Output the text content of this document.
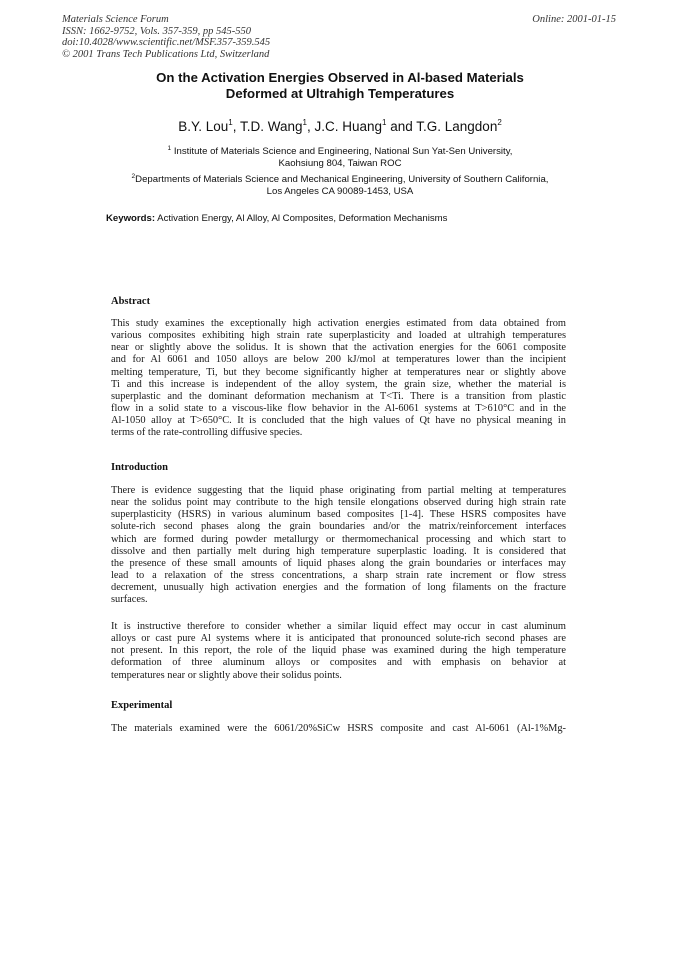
Materials Science Forum
ISSN: 1662-9752, Vols. 357-359, pp 545-550
doi:10.4028/www.scientific.net/MSF.357-359.545
© 2001 Trans Tech Publications Ltd, Switzerland
Online: 2001-01-15
On the Activation Energies Observed in Al-based Materials
Deformed at Ultrahigh Temperatures
B.Y. Lou$^1$, T.D. Wang$^1$, J.C. Huang$^1$ and T.G. Langdon$^2$
$^1$ Institute of Materials Science and Engineering, National Sun Yat-Sen University,
Kaohsiung 804, Taiwan ROC
$^2$Departments of Materials Science and Mechanical Engineering, University of Southern California,
Los Angeles CA 90089-1453, USA
Keywords: Activation Energy, Al Alloy, Al Composites, Deformation Mechanisms
Abstract
This study examines the exceptionally high activation energies estimated from data obtained from
various composites exhibiting high strain rate superplasticity and loaded at ultrahigh temperatures
near or slightly above the solidus. It is shown that the activation energies for the 6061 composite
and for Al 6061 and 1050 alloys are below 200 kJ/mol at temperatures lower than the incipient
melting temperature, Ti, but they become significantly higher at temperatures near or slightly above
Ti and this increase is independent of the alloy system, the grain size, whether the material is
superplastic and the dominant deformation mechanism at T<Ti. There is a transition from plastic
flow in a solid state to a viscous-like flow behavior in the Al-6061 systems at T>610°C and in the
Al-1050 alloy at T>650°C. It is concluded that the high values of Qt have no physical meaning in
terms of the rate-controlling diffusive species.
Introduction
There is evidence suggesting that the liquid phase originating from partial melting at temperatures
near the solidus point may contribute to the high tensile elongations observed during high strain rate
superplasticity (HSRS) in various aluminum based composites [1-4]. These HSRS composites have
solute-rich second phases along the grain boundaries and/or the matrix/reinforcement interfaces
which are formed during powder metallurgy or thermomechanical processing and which start to
dissolve and then partially melt during high temperature superplastic loading. It is considered that
the presence of these small amounts of liquid phases along the grain boundaries or interfaces may
lead to a relaxation of the stress concentrations, a sharp strain rate increment or flow stress
decrement, unusually high activation energies and the formation of long filaments on the fracture
surfaces.
It is instructive therefore to consider whether a similar liquid effect may occur in cast aluminum
alloys or cast pure Al systems where it is anticipated that pronounced solute-rich second phases are
not present. In this report, the role of the liquid phase was examined during the high temperature
deformation of three aluminum alloys or composites and with emphasis on behavior at
temperatures near or slightly above their solidus points.
Experimental
The materials examined were the 6061/20%SiCw HSRS composite and cast Al-6061 (Al-1%Mg-
